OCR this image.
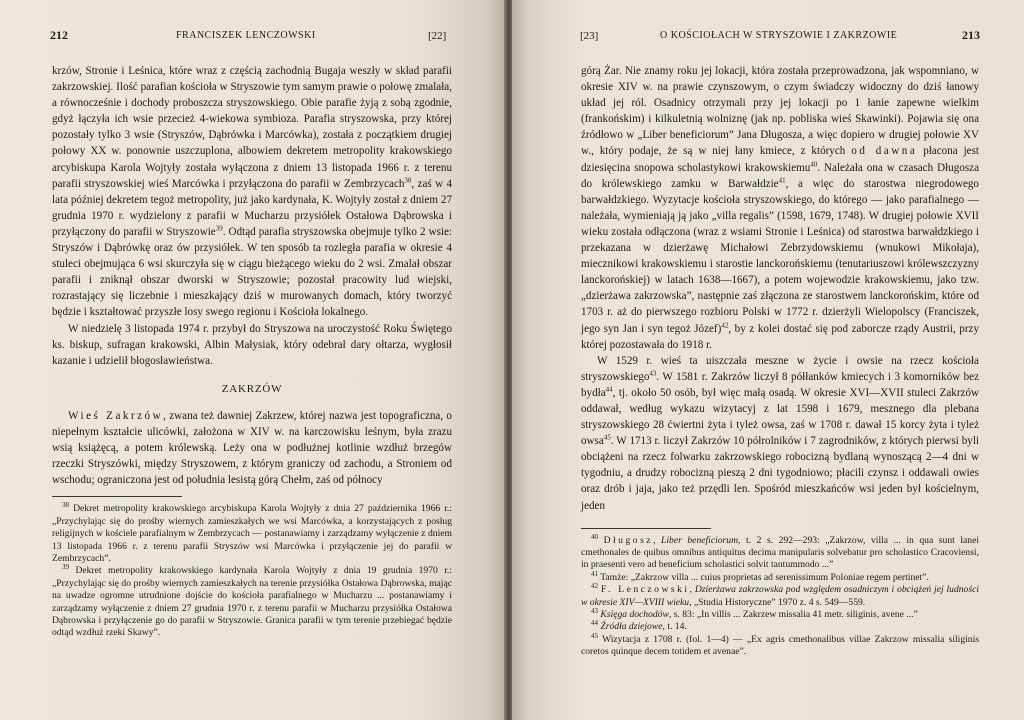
212	FRANCISZEK LENCZOWSKI	[22]

krzów, Stronie i Leśnica, które wraz z częścią zachodnią Bugaja weszły w skład parafii zakrzowskiej. Ilość parafian kościoła w Stryszowie tym samym prawie o połowę zmalała, a równocześnie i dochody proboszcza stryszowskiego. Obie parafie żyją z sobą zgodnie, gdyż łączyła ich wsie przecież 4-wiekowa symbioza. Parafia stryszowska, przy której pozostały tylko 3 wsie (Stryszów, Dąbrówka i Marcówka), została z początkiem drugiej połowy XX w. ponownie uszczuplona, albowiem dekretem metropolity krakowskiego arcybiskupa Karola Wojtyły została wyłączona z dniem 13 listopada 1966 r. z terenu parafii stryszowskiej wieś Marcówka i przyłączona do parafii w Zembrzycach$^{38}$, zaś w 4 lata później dekretem tegoż metropolity, już jako kardynała, K. Wojtyły został z dniem 27 grudnia 1970 r. wydzielony z parafii w Mucharzu przysiółek Ostałowa Dąbrowska i przyłączony do parafii w Stryszowie$^{39}$. Odtąd parafia stryszowska obejmuje tylko 2 wsie: Stryszów i Dąbrówkę oraz ów przysiółek. W ten sposób ta rozległa parafia w okresie 4 stuleci obejmująca 6 wsi skurczyła się w ciągu bieżącego wieku do 2 wsi. Zmalał obszar parafii i zniknął obszar dworski w Stryszowie; pozostał pracowity lud wiejski, rozrastający się liczebnie i mieszkający dziś w murowanych domach, który tworzyć będzie i kształtować przyszłe losy swego regionu i Kościoła lokalnego.

W niedzielę 3 listopada 1974 r. przybył do Stryszowa na uroczystość Roku Świętego ks. biskup, sufragan krakowski, Albin Małysiak, który odebrał dary ołtarza, wygłosił kazanie i udzielił błogosławieństwa.

ZAKRZÓW

Wieś Zakrzów, zwana też dawniej Zakrzew, której nazwa jest topograficzna, o niepełnym kształcie ulicówki, założona w XIV w. na karczowisku leśnym, była zrazu wsią książęcą, a potem królewską. Leży ona w podłużnej kotlinie wzdłuż brzegów rzeczki Stryszówki, między Stryszowem, z którym graniczy od zachodu, a Stroniem od wschodu; ograniczona jest od południa lesistą górą Chełm, zaś od północy

$^{38}$ Dekret metropolity krakowskiego arcybiskupa Karola Wojtyły z dnia 27 października 1966 r.: „Przychylając się do prośby wiernych zamieszkałych we wsi Marcówka, a korzystających z posług religijnych w kościele parafialnym w Zembrzycach — postanawiamy i zarządzamy wyłączenie z dniem 13 listopada 1966 r. z terenu parafii Stryszów wsi Marcówka i przyłączenie jej do parafii w Zembrzycach”.

$^{39}$ Dekret metropolity krakowskiego kardynała Karola Wojtyły z dnia 19 grudnia 1970 r.: „Przychylając się do prośby wiernych zamieszkałych na terenie przysiółka Ostałowa Dąbrowska, mając na uwadze ogromne utrudnione dojście do kościoła parafialnego w Mucharzu ... postanawiamy i zarządzamy wyłączenie z dniem 27 grudnia 1970 r. z terenu parafii w Mucharzu przysiółka Ostałowa Dąbrowska i przyłączenie go do parafii w Stryszowie. Granica parafii w tym terenie przebiegać będzie odtąd wzdłuż rzeki Skawy”.

[23]	O KOŚCIOŁACH W STRYSZOWIE I ZAKRZOWIE	213

górą Żar. Nie znamy roku jej lokacji, która została przeprowadzona, jak wspomniano, w okresie XIV w. na prawie czynszowym, o czym świadczy widoczny do dziś łanowy układ jej ról. Osadnicy otrzymali przy jej lokacji po 1 łanie zapewne wielkim (frankońskim) i kilkuletnią wolniznę (jak np. pobliska wieś Skawinki). Pojawia się ona źródłowo w „Liber beneficiorum” Jana Długosza, a więc dopiero w drugiej połowie XV w., który podaje, że są w niej łany kmiece, z których od dawna płacona jest dziesięcina snopowa scholastykowi krakowskiemu$^{40}$. Należała ona w czasach Długosza do królewskiego zamku w Barwałdzie$^{41}$, a więc do starostwa niegrodowego barwałdzkiego. Wyzytacje kościoła stryszowskiego, do którego — jako parafialnego — należała, wymieniają ją jako „villa regalis” (1598, 1679, 1748). W drugiej połowie XVII wieku została odłączona (wraz z wsiami Stronie i Leśnica) od starostwa barwałdzkiego i przekazana w dzierżawę Michałowi Zebrzydowskiemu (wnukowi Mikołaja), miecznikowi krakowskiemu i starostie lanckorońskiemu (tenutariuszowi królewszczyzny lanckorońskiej) w latach 1638—1667), a potem wojewodzie krakowskiemu, jako tzw. „dzierżawa zakrzowska”, następnie zaś złączona ze starostwem lanckorońskim, które od 1703 r. aż do pierwszego rozbioru Polski w 1772 r. dzierżyli Wielopolscy (Franciszek, jego syn Jan i syn tegoż Józef)$^{42}$, by z kolei dostać się pod zaborcze rządy Austrii, przy której pozostawała do 1918 r.

W 1529 r. wieś ta uiszczała meszne w życie i owsie na rzecz kościoła stryszowskiego$^{43}$. W 1581 r. Zakrzów liczył 8 półłanków kmiecych i 3 komorników bez bydła$^{44}$, tj. około 50 osób, był więc małą osadą. W okresie XVI—XVII stuleci Zakrzów oddawał, według wykazu wizytacyj z lat 1598 i 1679, mesznego dla plebana stryszowskiego 28 ćwiertni żyta i tyleż owsa, zaś w 1708 r. dawał 15 korcy żyta i tyleż owsa$^{45}$. W 1713 r. liczył Zakrzów 10 półrolników i 7 zagrodników, z których pierwsi byli obciążeni na rzecz folwarku zakrzowskiego robocizną bydlaną wynoszącą 2—4 dni w tygodniu, a drudzy robocizną pieszą 2 dni tygodniowo; płacili czynsz i oddawali owies oraz drób i jaja, jako też przędli len. Spośród mieszkańców wsi jeden był kościelnym, jeden

$^{40}$ Długosz, Liber beneficiorum, t. 2 s. 292—293: „Zakrzow, villa ... in qua sunt lanei cmethonales de quibus omnibus antiquitus decima manipularis solvebatur pro scholastico Cracoviensi, in praesenti vero ad beneficium scholastici solvit tantummodo ...”

$^{41}$ Tamże: „Zakrzow villa ... cuius proprietas ad serenissimum Poloniae regem pertinet”.

$^{42}$ F. Lenczowski, Dzierżawa zakrzowska pod względem osadniczym i obciążeń jej ludności w okresie XIV—XVIII wieku, „Studia Historyczne” 1970 z. 4 s. 549—559.

$^{43}$ Księga dochodów, s. 83: „In villis ... Zakrzew missalia 41 metr. siliginis, avene ...”

$^{44}$ Źródła dziejowe, t. 14.

$^{45}$ Wizytacja z 1708 r. (fol. 1—4) — „Ex agris cmethonalibus villae Zakrzow missalia siliginis coretos quinque decem totidem et avenae”.
